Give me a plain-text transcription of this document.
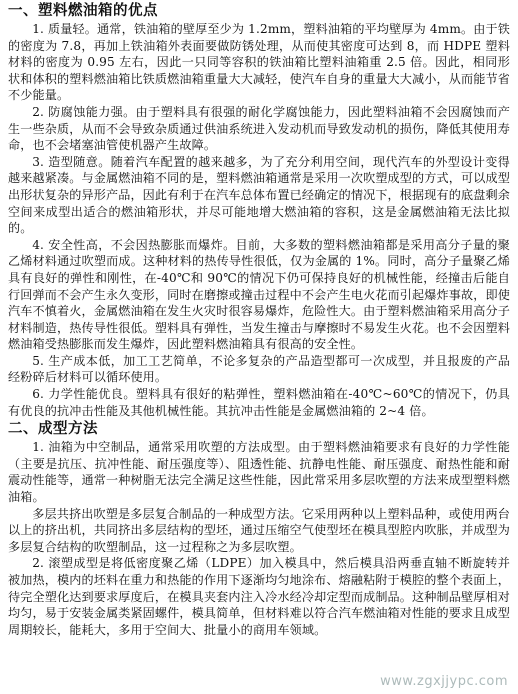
一、塑料燃油箱的优点

1. 质量轻。通常，铁油箱的壁厚至少为 1.2mm，塑料油箱的平均壁厚为 4mm。由于铁的密度为 7.8，再加上铁油箱外表面要做防锈处理，从而使其密度可达到 8，而 HDPE 塑料材料的密度为 0.95 左右，因此一只同等容积的铁油箱比塑料油箱重 2.5 倍。因此，相同形状和体积的塑料燃油箱比铁质燃油箱重量大大减轻，使汽车自身的重量大大减小，从而能节省不少能量。

2. 防腐蚀能力强。由于塑料具有很强的耐化学腐蚀能力，因此塑料油箱不会因腐蚀而产生一些杂质，从而不会导致杂质通过供油系统进入发动机而导致发动机的损伤，降低其使用寿命，也不会堵塞油管使机器产生故障。

3. 造型随意。随着汽车配置的越来越多，为了充分利用空间，现代汽车的外型设计变得越来越紧凑。与金属燃油箱不同的是，塑料燃油箱通常是采用一次吹塑成型的方式，可以成型出形状复杂的异形产品，因此有利于在汽车总体布置已经确定的情况下，根据现有的底盘剩余空间来成型出适合的燃油箱形状，并尽可能地增大燃油箱的容积，这是金属燃油箱无法比拟的。

4. 安全性高，不会因热膨胀而爆炸。目前，大多数的塑料燃油箱都是采用高分子量的聚乙烯材料通过吹塑而成。这种材料的热传导性很低，仅为金属的 1%。同时，高分子量聚乙烯具有良好的弹性和刚性，在-40℃和 90℃的情况下仍可保持良好的机械性能，经撞击后能自行回弹而不会产生永久变形，同时在磨擦或撞击过程中不会产生电火花而引起爆炸事故，即使汽车不慎着火，金属燃油箱在发生火灾时很容易爆炸，危险性大。由于塑料燃油箱采用高分子材料制造，热传导性很低。塑料具有弹性，当发生撞击与摩擦时不易发生火花。也不会因塑料燃油箱受热膨胀而发生爆炸，因此塑料燃油箱具有很高的安全性。

5. 生产成本低，加工工艺简单，不论多复杂的产品造型都可一次成型，并且报废的产品经粉碎后材料可以循环使用。

6. 力学性能优良。塑料具有很好的粘弹性，塑料燃油箱在-40℃~60℃的情况下，仍具有优良的抗冲击性能及其他机械性能。其抗冲击性能是金属燃油箱的 2~4 倍。

二、成型方法

1. 油箱为中空制品，通常采用吹塑的方法成型。由于塑料燃油箱要求有良好的力学性能（主要是抗压、抗冲性能、耐压强度等）、阻透性能、抗静电性能、耐压强度、耐热性能和耐震动性能等，通常一种树脂无法完全满足这些性能，因此常采用多层吹塑的方法来成型塑料燃油箱。

多层共挤出吹塑是多层复合制品的一种成型方法。它采用两种以上塑料品种，或使用两台以上的挤出机，共同挤出多层结构的型坯，通过压缩空气使型坯在模具型腔内吹胀，并成型为多层复合结构的吹塑制品，这一过程称之为多层吹塑。

2. 滚塑成型是将低密度聚乙烯（LDPE）加入模具中，然后模具沿两垂直轴不断旋转并被加热，模内的坯料在重力和热能的作用下逐渐均匀地涂布、熔融粘附于模腔的整个表面上，待完全塑化达到要求厚度后，在模具夹套内注入冷水经冷却定型而成制品。这种制品壁厚相对均匀，易于安装金属类紧固螺件，模具简单，但材料难以符合汽车燃油箱对性能的要求且成型周期较长，能耗大，多用于空间大、批量小的商用车领域。

www.zgxjjypc.com
